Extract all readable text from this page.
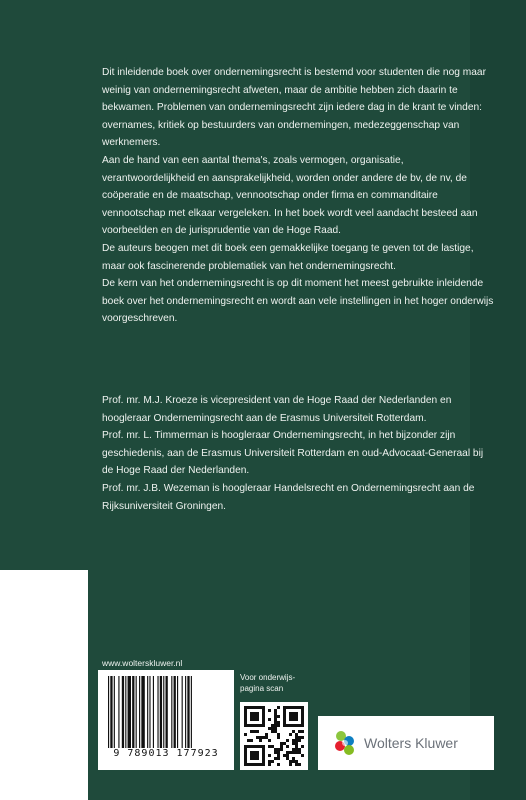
Dit inleidende boek over ondernemingsrecht is bestemd voor studenten die nog maar weinig van ondernemingsrecht afweten, maar de ambitie hebben zich daarin te bekwamen. Problemen van ondernemingsrecht zijn iedere dag in de krant te vinden: overnames, kritiek op bestuurders van ondernemingen, medezeggenschap van werknemers.

Aan de hand van een aantal thema's, zoals vermogen, organisatie, verantwoordelijkheid en aansprakelijkheid, worden onder andere de bv, de nv, de coöperatie en de maatschap, vennootschap onder firma en commanditaire vennootschap met elkaar vergeleken. In het boek wordt veel aandacht besteed aan voorbeelden en de jurisprudentie van de Hoge Raad.

De auteurs beogen met dit boek een gemakkelijke toegang te geven tot de lastige, maar ook fascinerende problematiek van het ondernemingsrecht.

De kern van het ondernemingsrecht is op dit moment het meest gebruikte inleidende boek over het ondernemingsrecht en wordt aan vele instellingen in het hoger onderwijs voorgeschreven.

Prof. mr. M.J. Kroeze is vicepresident van de Hoge Raad der Nederlanden en hoogleraar Ondernemingsrecht aan de Erasmus Universiteit Rotterdam.

Prof. mr. L. Timmerman is hoogleraar Ondernemingsrecht, in het bijzonder zijn geschiedenis, aan de Erasmus Universiteit Rotterdam en oud-Advocaat-Generaal bij de Hoge Raad der Nederlanden.

Prof. mr. J.B. Wezeman is hoogleraar Handelsrecht en Ondernemingsrecht aan de Rijksuniversiteit Groningen.

www.wolterskluwer.nl
9 789013 177923
Voor onderwijs-
pagina scan
Wolters Kluwer
